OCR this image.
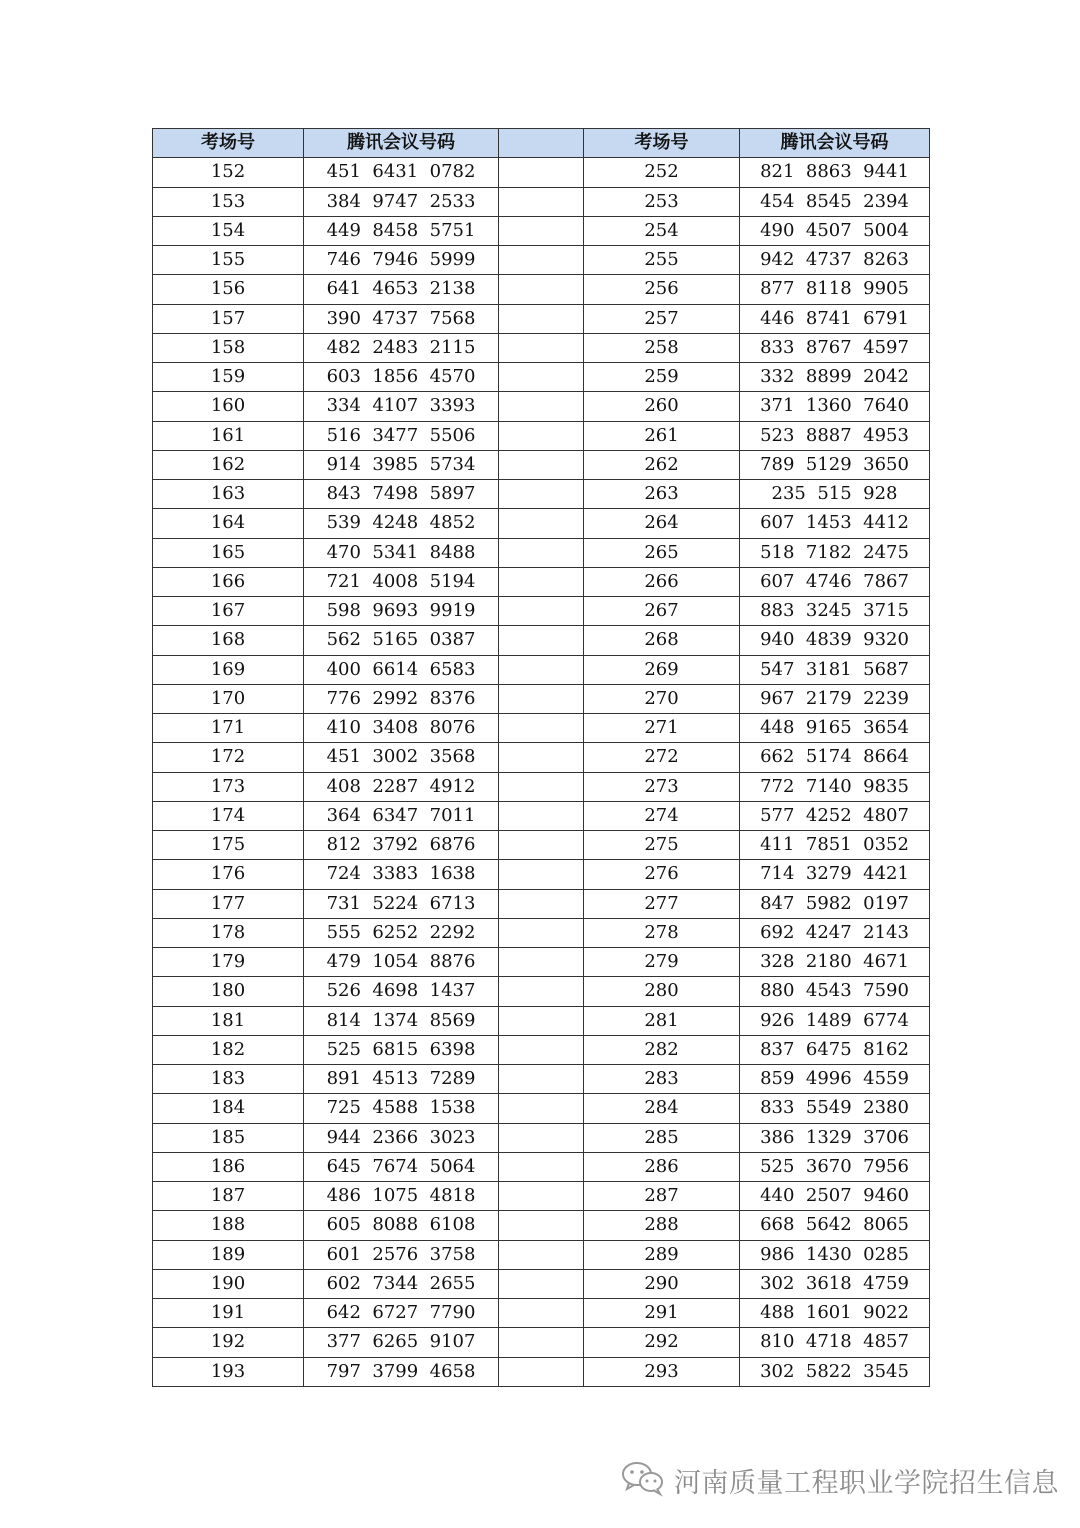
考场号	腾讯会议号码		考场号	腾讯会议号码
152	451  6431  0782		252	821  8863  9441
153	384  9747  2533		253	454  8545  2394
154	449  8458  5751		254	490  4507  5004
155	746  7946  5999		255	942  4737  8263
156	641  4653  2138		256	877  8118  9905
157	390  4737  7568		257	446  8741  6791
158	482  2483  2115		258	833  8767  4597
159	603  1856  4570		259	332  8899  2042
160	334  4107  3393		260	371  1360  7640
161	516  3477  5506		261	523  8887  4953
162	914  3985  5734		262	789  5129  3650
163	843  7498  5897		263	235  515  928
164	539  4248  4852		264	607  1453  4412
165	470  5341  8488		265	518  7182  2475
166	721  4008  5194		266	607  4746  7867
167	598  9693  9919		267	883  3245  3715
168	562  5165  0387		268	940  4839  9320
169	400  6614  6583		269	547  3181  5687
170	776  2992  8376		270	967  2179  2239
171	410  3408  8076		271	448  9165  3654
172	451  3002  3568		272	662  5174  8664
173	408  2287  4912		273	772  7140  9835
174	364  6347  7011		274	577  4252  4807
175	812  3792  6876		275	411  7851  0352
176	724  3383  1638		276	714  3279  4421
177	731  5224  6713		277	847  5982  0197
178	555  6252  2292		278	692  4247  2143
179	479  1054  8876		279	328  2180  4671
180	526  4698  1437		280	880  4543  7590
181	814  1374  8569		281	926  1489  6774
182	525  6815  6398		282	837  6475  8162
183	891  4513  7289		283	859  4996  4559
184	725  4588  1538		284	833  5549  2380
185	944  2366  3023		285	386  1329  3706
186	645  7674  5064		286	525  3670  7956
187	486  1075  4818		287	440  2507  9460
188	605  8088  6108		288	668  5642  8065
189	601  2576  3758		289	986  1430  0285
190	602  7344  2655		290	302  3618  4759
191	642  6727  7790		291	488  1601  9022
192	377  6265  9107		292	810  4718  4857
193	797  3799  4658		293	302  5822  3545
河南质量工程职业学院招生信息
